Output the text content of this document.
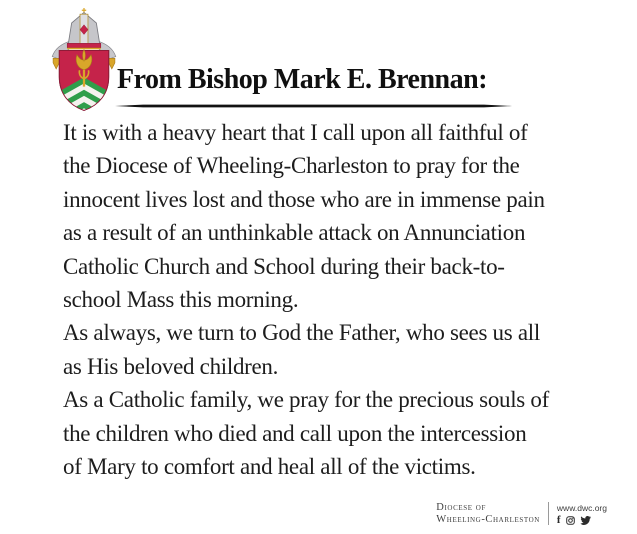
From Bishop Mark E. Brennan:
It is with a heavy heart that I call upon all faithful of
the Diocese of Wheeling-Charleston to pray for the
innocent lives lost and those who are in immense pain
as a result of an unthinkable attack on Annunciation
Catholic Church and School during their back-to-
school Mass this morning.
As always, we turn to God the Father, who sees us all
as His beloved children.
As a Catholic family, we pray for the precious souls of
the children who died and call upon the intercession
of Mary to comfort and heal all of the victims.
Diocese of
Wheeling-Charleston
www.dwc.org
f
